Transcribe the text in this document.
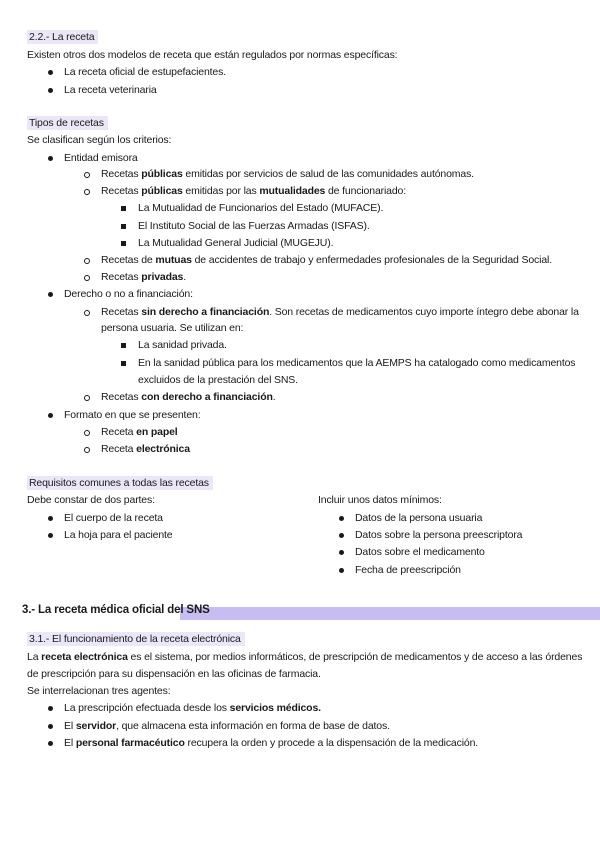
2.2.- La receta
Existen otros dos modelos de receta que están regulados por normas específicas:
La receta oficial de estupefacientes.
La receta veterinaria
Tipos de recetas
Se clasifican según los criterios:
Entidad emisora
Recetas públicas emitidas por servicios de salud de las comunidades autónomas.
Recetas públicas emitidas por las mutualidades de funcionariado:
La Mutualidad de Funcionarios del Estado (MUFACE).
El Instituto Social de las Fuerzas Armadas (ISFAS).
La Mutualidad General Judicial (MUGEJU).
Recetas de mutuas de accidentes de trabajo y enfermedades profesionales de la Seguridad Social.
Recetas privadas.
Derecho o no a financiación:
Recetas sin derecho a financiación. Son recetas de medicamentos cuyo importe íntegro debe abonar la
persona usuaria. Se utilizan en:
La sanidad privada.
En la sanidad pública para los medicamentos que la AEMPS ha catalogado como medicamentos
excluidos de la prestación del SNS.
Recetas con derecho a financiación.
Formato en que se presenten:
Receta en papel
Receta electrónica
Requisitos comunes a todas las recetas
Debe constar de dos partes:
El cuerpo de la receta
La hoja para el paciente
Incluir unos datos mínimos:
Datos de la persona usuaria
Datos sobre la persona preescriptora
Datos sobre el medicamento
Fecha de preescripción
3.- La receta médica oficial del SNS
3.1.- El funcionamiento de la receta electrónica
La receta electrónica es el sistema, por medios informáticos, de prescripción de medicamentos y de acceso a las órdenes
de prescripción para su dispensación en las oficinas de farmacia.
Se interrelacionan tres agentes:
La prescripción efectuada desde los servicios médicos.
El servidor, que almacena esta información en forma de base de datos.
El personal farmacéutico recupera la orden y procede a la dispensación de la medicación.
